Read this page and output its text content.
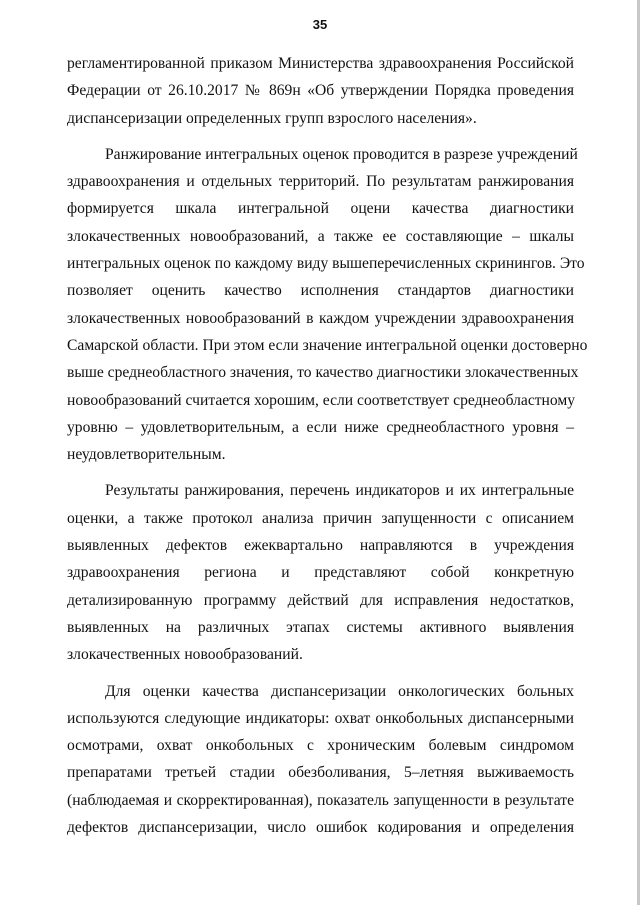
35
регламентированной приказом Министерства здравоохранения Российской
Федерации от 26.10.2017 № 869н «Об утверждении Порядка проведения
диспансеризации определенных групп взрослого населения».
Ранжирование интегральных оценок проводится в разрезе учреждений
здравоохранения и отдельных территорий. По результатам ранжирования
формируется шкала интегральной оцени качества диагностики
злокачественных новообразований, а также ее составляющие – шкалы
интегральных оценок по каждому виду вышеперечисленных скринингов. Это
позволяет оценить качество исполнения стандартов диагностики
злокачественных новообразований в каждом учреждении здравоохранения
Самарской области. При этом если значение интегральной оценки достоверно
выше среднеобластного значения, то качество диагностики злокачественных
новообразований считается хорошим, если соответствует среднеобластному
уровню – удовлетворительным, а если ниже среднеобластного уровня –
неудовлетворительным.
Результаты ранжирования, перечень индикаторов и их интегральные
оценки, а также протокол анализа причин запущенности с описанием
выявленных дефектов ежеквартально направляются в учреждения
здравоохранения региона и представляют собой конкретную
детализированную программу действий для исправления недостатков,
выявленных на различных этапах системы активного выявления
злокачественных новообразований.
Для оценки качества диспансеризации онкологических больных
используются следующие индикаторы: охват онкобольных диспансерными
осмотрами, охват онкобольных с хроническим болевым синдромом
препаратами третьей стадии обезболивания, 5–летняя выживаемость
(наблюдаемая и скорректированная), показатель запущенности в результате
дефектов диспансеризации, число ошибок кодирования и определения
